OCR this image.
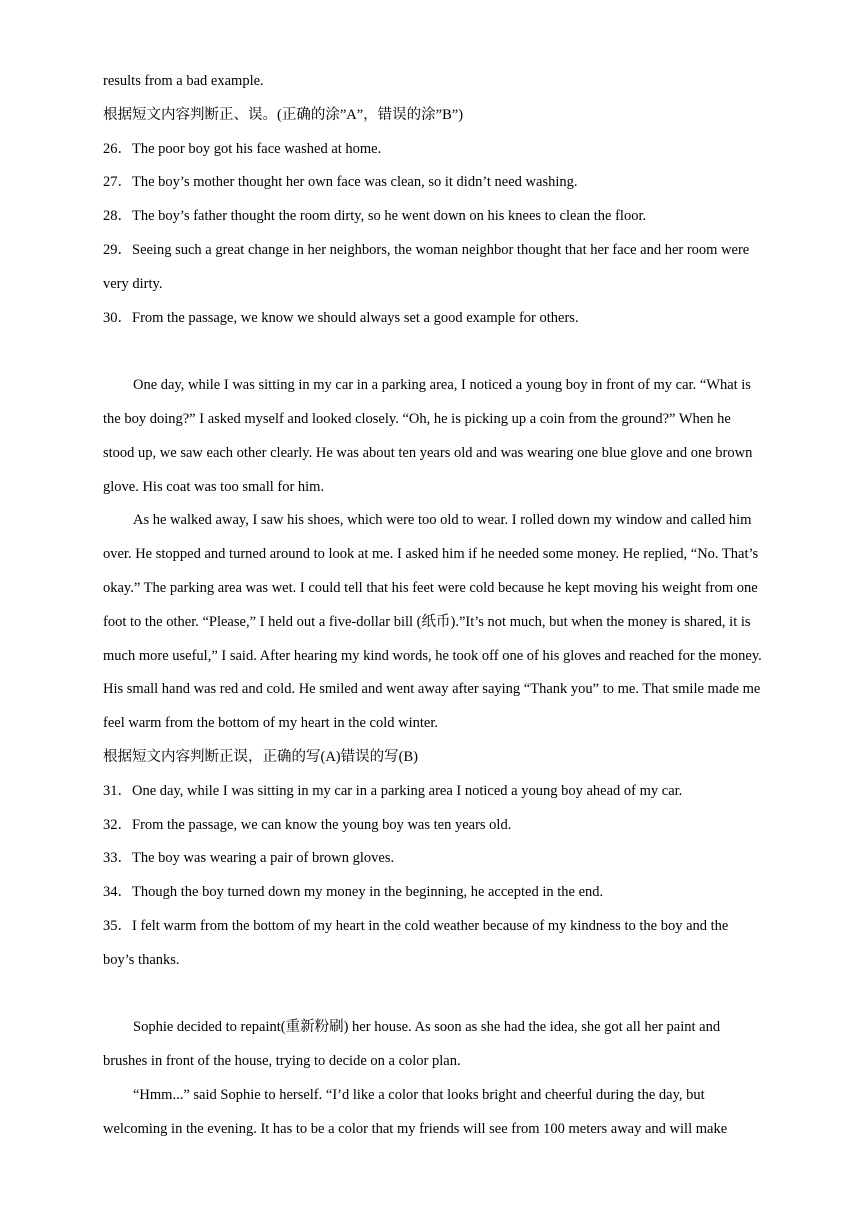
results from a bad example.

根据短文内容判断正、误。(正确的涂”A”，错误的涂”B”)

26．The poor boy got his face washed at home.

27．The boy’s mother thought her own face was clean, so it didn’t need washing.

28．The boy’s father thought the room dirty, so he went down on his knees to clean the floor.

29．Seeing such a great change in her neighbors, the woman neighbor thought that her face and her room were very dirty.

30．From the passage, we know we should always set a good example for others.

One day, while I was sitting in my car in a parking area, I noticed a young boy in front of my car. “What is the boy doing?” I asked myself and looked closely. “Oh, he is picking up a coin from the ground?” When he stood up, we saw each other clearly. He was about ten years old and was wearing one blue glove and one brown glove. His coat was too small for him.

As he walked away, I saw his shoes, which were too old to wear. I rolled down my window and called him over. He stopped and turned around to look at me. I asked him if he needed some money. He replied, “No. That’s okay.” The parking area was wet. I could tell that his feet were cold because he kept moving his weight from one foot to the other. “Please,” I held out a five-dollar bill (纸币).”It’s not much, but when the money is shared, it is much more useful,” I said. After hearing my kind words, he took off one of his gloves and reached for the money. His small hand was red and cold. He smiled and went away after saying “Thank you” to me. That smile made me feel warm from the bottom of my heart in the cold winter.

根据短文内容判断正误，正确的写(A)错误的写(B)

31．One day, while I was sitting in my car in a parking area I noticed a young boy ahead of my car.

32．From the passage, we can know the young boy was ten years old.

33．The boy was wearing a pair of brown gloves.

34．Though the boy turned down my money in the beginning, he accepted in the end.

35．I felt warm from the bottom of my heart in the cold weather because of my kindness to the boy and the boy’s thanks.

Sophie decided to repaint(重新粉刷) her house. As soon as she had the idea, she got all her paint and brushes in front of the house, trying to decide on a color plan.

“Hmm...” said Sophie to herself. “I’d like a color that looks bright and cheerful during the day, but welcoming in the evening. It has to be a color that my friends will see from 100 meters away and will make
